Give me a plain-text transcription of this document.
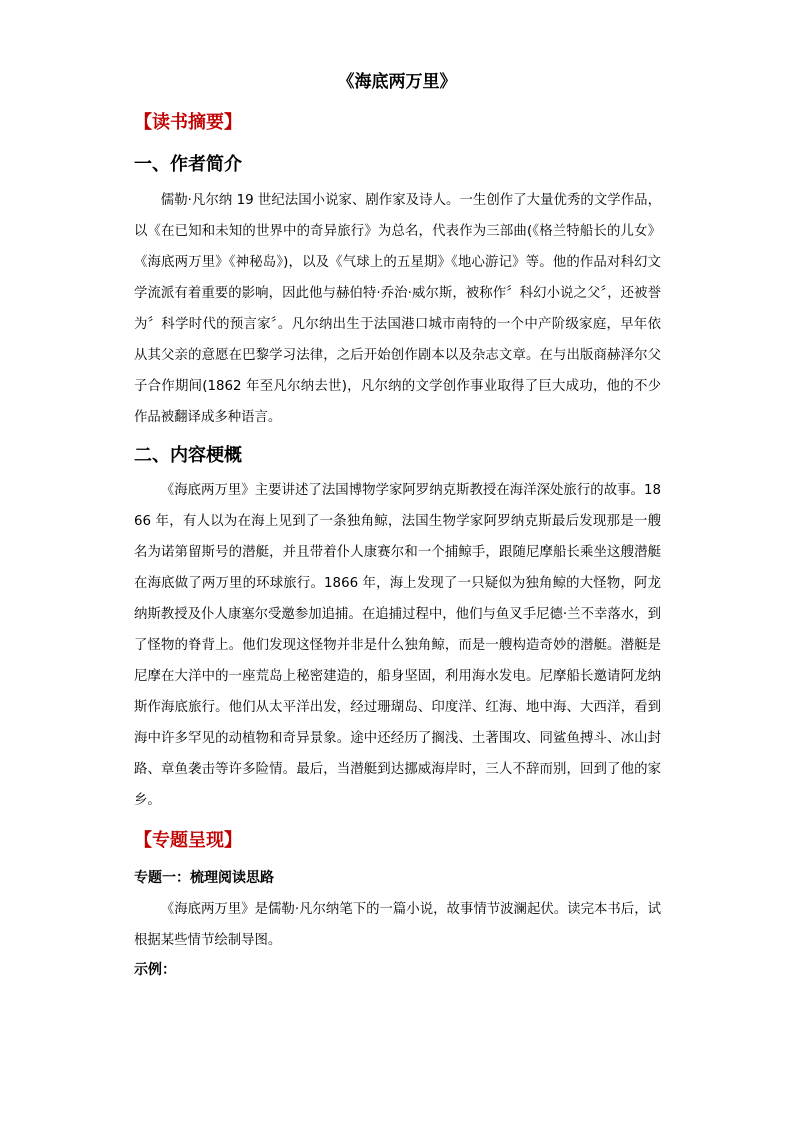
《海底两万里》
【读书摘要】
一、作者简介

儒勒·凡尔纳 19 世纪法国小说家、剧作家及诗人。一生创作了大量优秀的文学作品，以《在已知和未知的世界中的奇异旅行》为总名，代表作为三部曲(《格兰特船长的儿女》《海底两万里》《神秘岛》)，以及《气球上的五星期》《地心游记》等。他的作品对科幻文学流派有着重要的影响，因此他与赫伯特·乔治·威尔斯，被称作〞科幻小说之父〞，还被誉为〞科学时代的预言家〞。凡尔纳出生于法国港口城市南特的一个中产阶级家庭，早年依从其父亲的意愿在巴黎学习法律，之后开始创作剧本以及杂志文章。在与出版商赫泽尔父子合作期间(1862 年至凡尔纳去世)，凡尔纳的文学创作事业取得了巨大成功，他的不少作品被翻译成多种语言。

二、内容梗概

《海底两万里》主要讲述了法国博物学家阿罗纳克斯教授在海洋深处旅行的故事。1866 年，有人以为在海上见到了一条独角鲸，法国生物学家阿罗纳克斯最后发现那是一艘名为诺第留斯号的潜艇，并且带着仆人康赛尔和一个捕鲸手，跟随尼摩船长乘坐这艘潜艇在海底做了两万里的环球旅行。1866 年，海上发现了一只疑似为独角鲸的大怪物，阿龙纳斯教授及仆人康塞尔受邀参加追捕。在追捕过程中，他们与鱼叉手尼德·兰不幸落水，到了怪物的脊背上。他们发现这怪物并非是什么独角鲸，而是一艘构造奇妙的潜艇。潜艇是尼摩在大洋中的一座荒岛上秘密建造的，船身坚固，利用海水发电。尼摩船长邀请阿龙纳斯作海底旅行。他们从太平洋出发，经过珊瑚岛、印度洋、红海、地中海、大西洋，看到海中许多罕见的动植物和奇异景象。途中还经历了搁浅、土著围攻、同鲨鱼搏斗、冰山封路、章鱼袭击等许多险情。最后，当潜艇到达挪威海岸时，三人不辞而别，回到了他的家乡。

【专题呈现】
专题一：梳理阅读思路

《海底两万里》是儒勒·凡尔纳笔下的一篇小说，故事情节波澜起伏。读完本书后，试根据某些情节绘制导图。

示例：
